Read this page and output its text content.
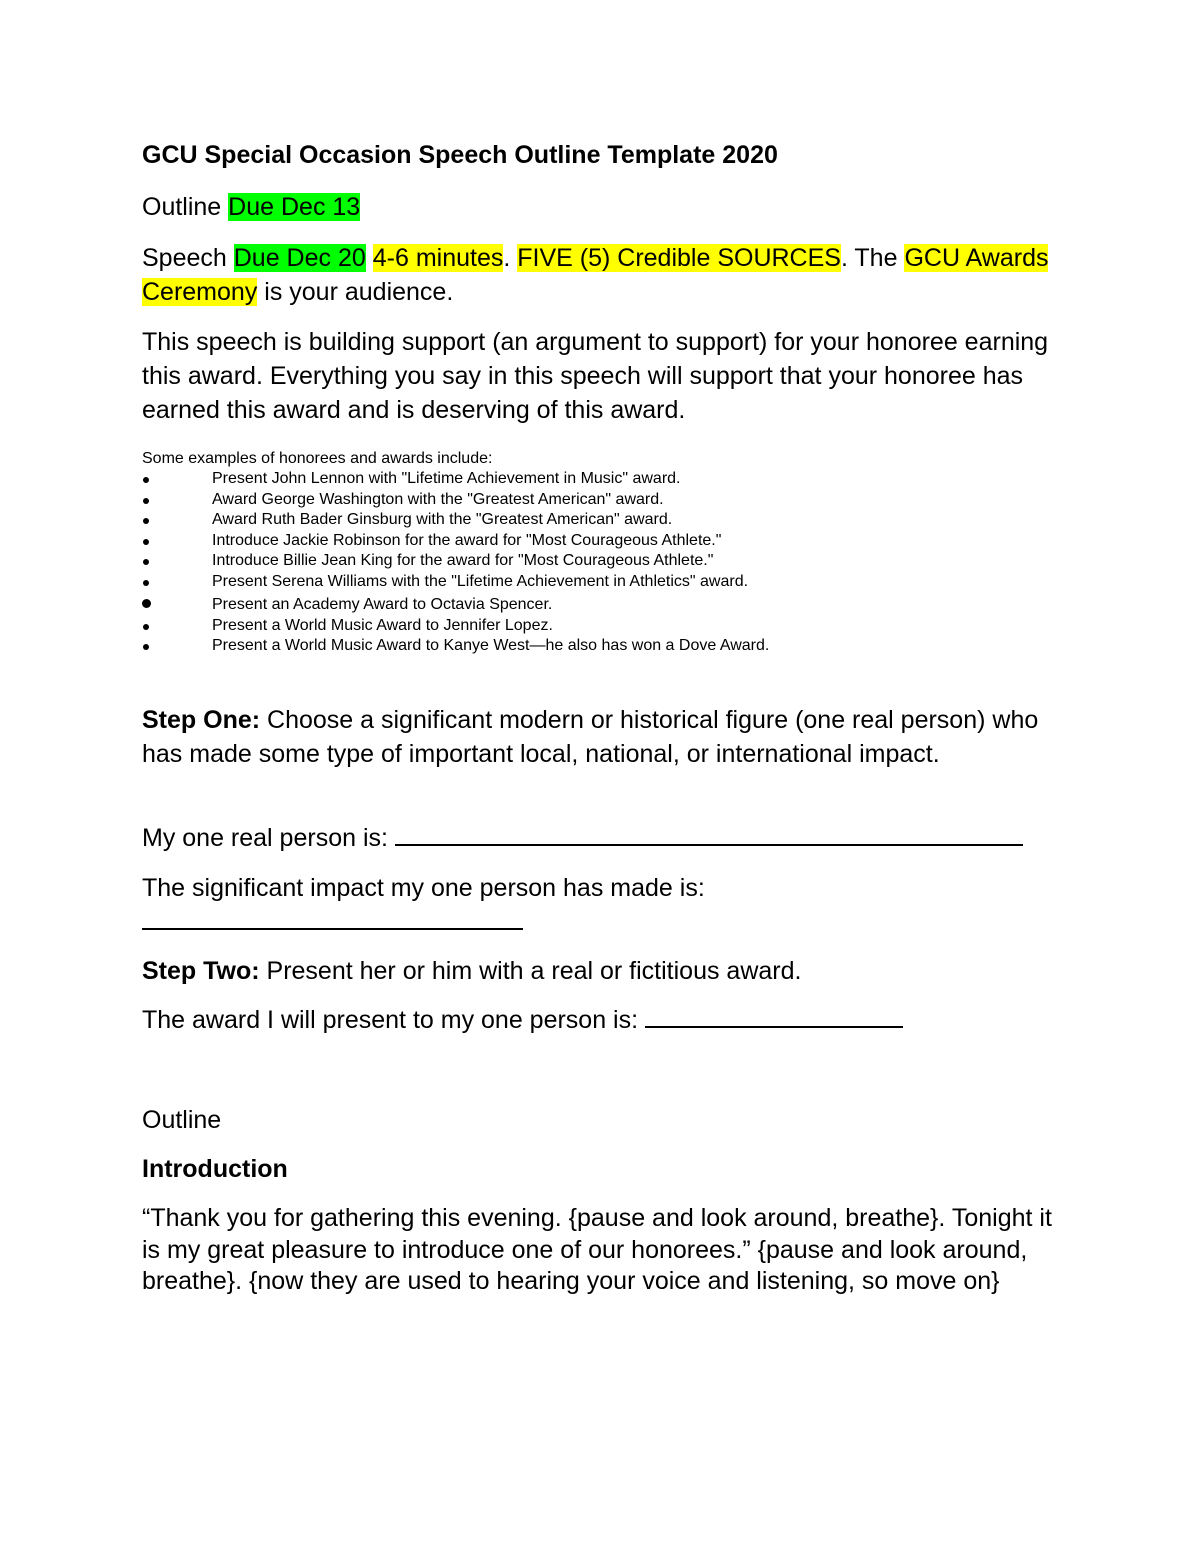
GCU Special Occasion Speech Outline Template 2020
Outline Due Dec 13
Speech Due Dec 20 4-6 minutes. FIVE (5) Credible SOURCES. The GCU Awards Ceremony is your audience.
This speech is building support (an argument to support) for your honoree earning this award. Everything you say in this speech will support that your honoree has earned this award and is deserving of this award.
Some examples of honorees and awards include:
Present John Lennon with "Lifetime Achievement in Music" award.
Award George Washington with the "Greatest American" award.
Award Ruth Bader Ginsburg with the "Greatest American" award.
Introduce Jackie Robinson for the award for "Most Courageous Athlete."
Introduce Billie Jean King for the award for "Most Courageous Athlete."
Present Serena Williams with the "Lifetime Achievement in Athletics" award.
Present an Academy Award to Octavia Spencer.
Present a World Music Award to Jennifer Lopez.
Present a World Music Award to Kanye West—he also has won a Dove Award.
Step One: Choose a significant modern or historical figure (one real person) who has made some type of important local, national, or international impact.
My one real person is:
The significant impact my one person has made is:
Step Two: Present her or him with a real or fictitious award.
The award I will present to my one person is:
Outline
Introduction
“Thank you for gathering this evening. {pause and look around, breathe}. Tonight it is my great pleasure to introduce one of our honorees.” {pause and look around, breathe}. {now they are used to hearing your voice and listening, so move on}
